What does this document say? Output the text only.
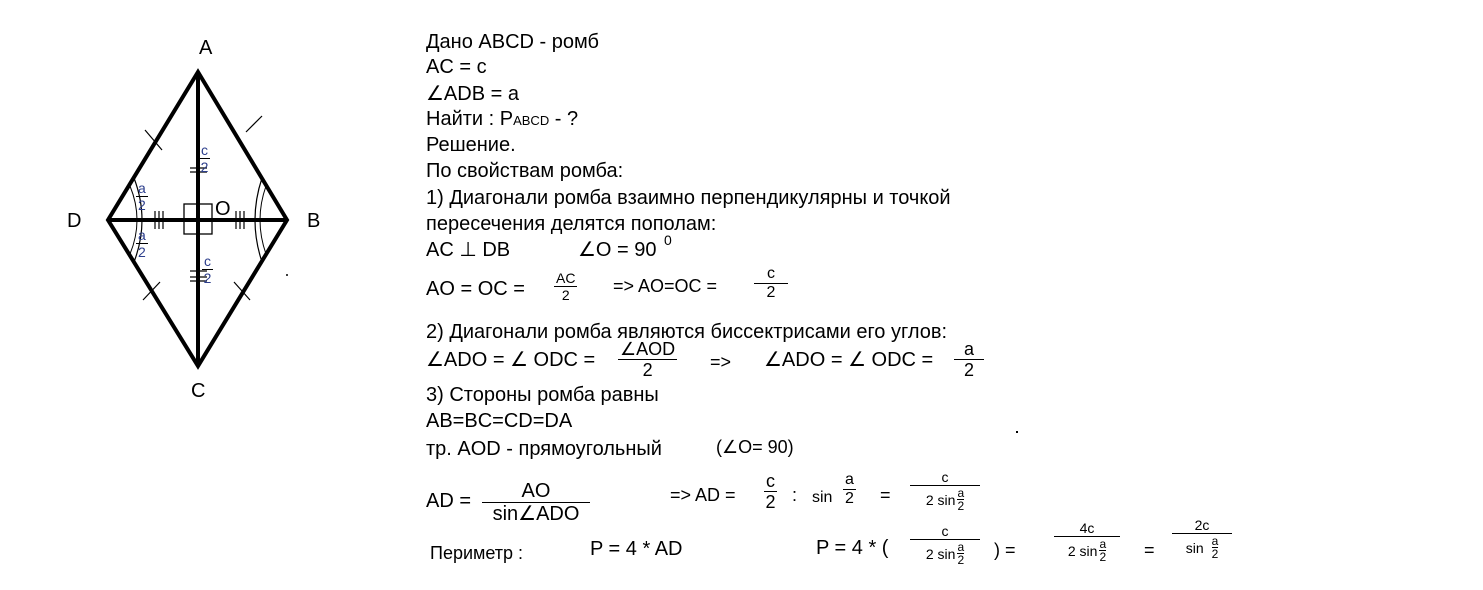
A
B
C
D
O
c
2
c
2
a
2
a
2
Дано ABCD - ромб
AC = c
∠ADB = a
Найти : PABCD - ?
Решение.
По свойствам ромба:
1) Диагонали ромба взаимно перпендикулярны и точкой
пересечения делятся пополам:
AC ⊥ DB	∠O = 90 0
AO = OC = AC
2 => AO=OC =
c
2
2) Диагонали ромба являются биссектрисами его углов:
∠ADO = ∠ ODC = ∠AOD
2	=> ∠ADO = ∠ ODC = a
2
3) Стороны ромба равны
AB=BC=CD=DA
тр. AOD - прямоугольный	(∠O= 90)
AD =	AO
sin∠ADO
=> AD =
c
2 : sin
a
2 =
c
2 sin a
2
Периметр :	P = 4 * AD	P = 4 * (
c
2 sin a
2 ) =
4c
2 sin a
2 =
2c
sin a
2
